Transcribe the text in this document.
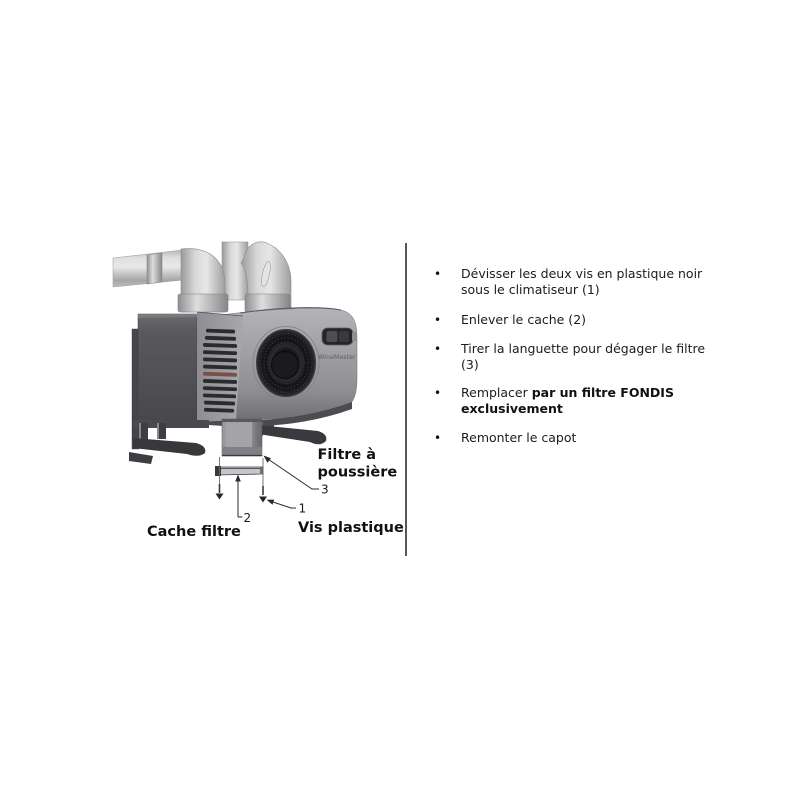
WineMaster
3
1
2
Filtre à
poussière
Cache filtre	Vis plastique
•	Dévisser les deux vis en plastique noir

sous le climatiseur (1)

•	Enlever le cache (2)

•	Tirer la languette pour dégager le filtre

(3)

•	Remplacer par un filtre FONDIS

exclusivement

•	Remonter le capot
